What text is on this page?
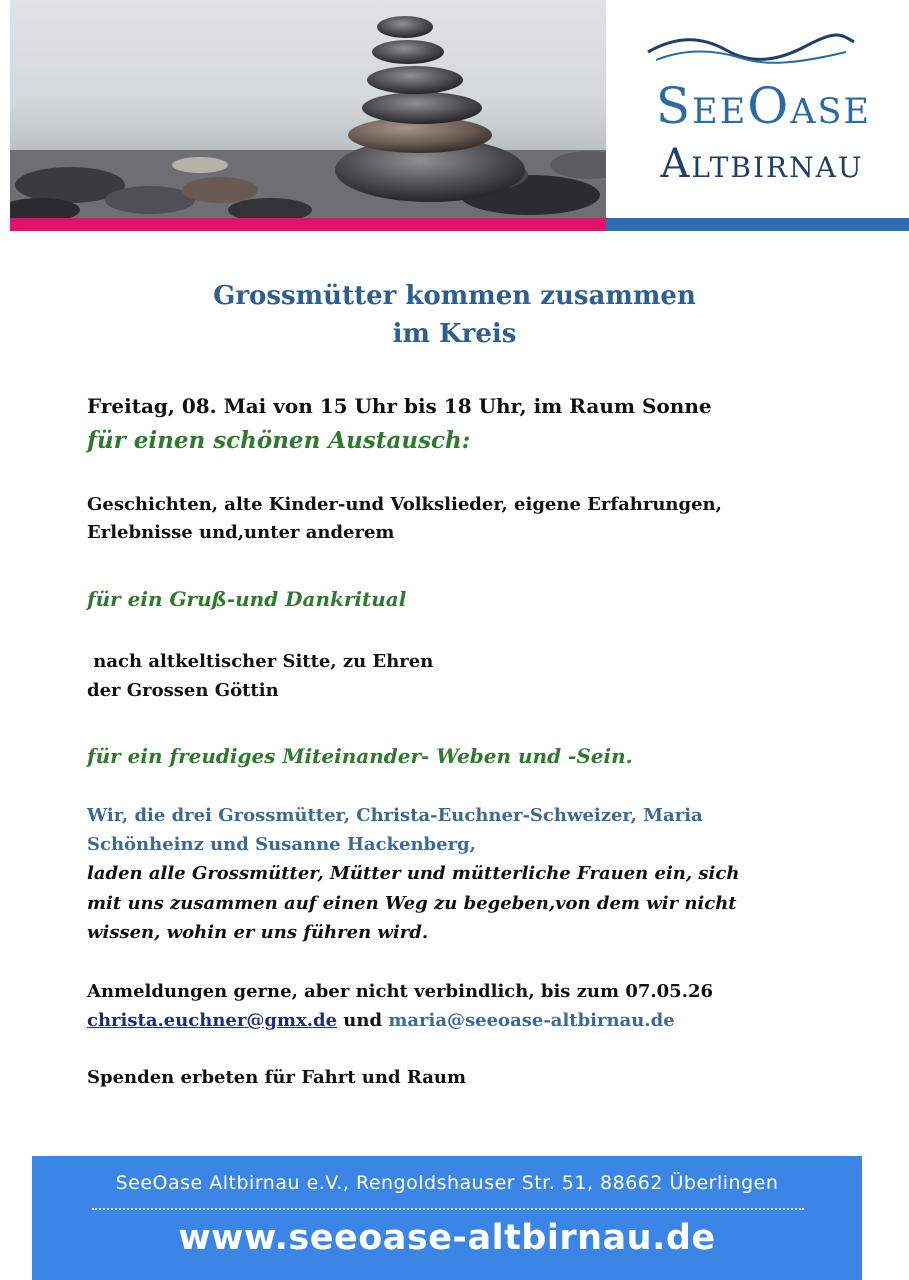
SeeOase
Altbirnau
Grossmütter kommen zusammen
im Kreis
Freitag, 08. Mai von 15 Uhr bis 18 Uhr, im Raum Sonne
für einen schönen Austausch:
Geschichten, alte Kinder-und Volkslieder, eigene Erfahrungen,
Erlebnisse und,unter anderem
für ein Gruß-und Dankritual
nach altkeltischer Sitte, zu Ehren
der Grossen Göttin
für ein freudiges Miteinander- Weben und -Sein.
Wir, die drei Grossmütter, Christa-Euchner-Schweizer, Maria
Schönheinz und Susanne Hackenberg,
laden alle Grossmütter, Mütter und mütterliche Frauen ein, sich
mit uns zusammen auf einen Weg zu begeben,von dem wir nicht
wissen, wohin er uns führen wird.
Anmeldungen gerne, aber nicht verbindlich, bis zum 07.05.26
christa.euchner@gmx.de und maria@seeoase-altbirnau.de
Spenden erbeten für Fahrt und Raum
SeeOase Altbirnau e.V., Rengoldshauser Str. 51, 88662 Überlingen
www.seeoase-altbirnau.de
